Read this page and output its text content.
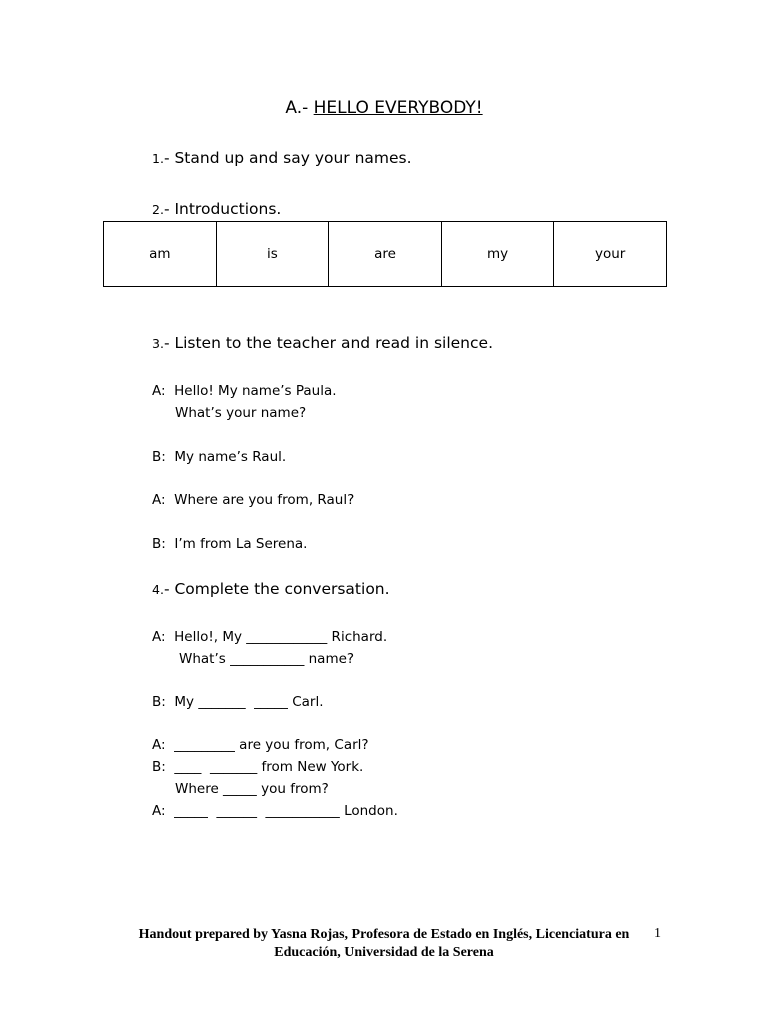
A.- HELLO EVERYBODY!
1.- Stand up and say your names.
2.- Introductions.
am	is	are	my	your
3.- Listen to the teacher and read in silence.
A:  Hello! My name’s Paula.
What’s your name?
B:  My name’s Raul.
A:  Where are you from, Raul?
B:  I’m from La Serena.
4.- Complete the conversation.
A:  Hello!, My ____________ Richard.
What’s ___________ name?
B:  My _______  _____ Carl.
A:  _________ are you from, Carl?
B:  ____  _______ from New York.
Where _____ you from?
A:  _____  ______  ___________ London.
Handout prepared by Yasna Rojas, Profesora de Estado en Inglés, Licenciatura en
Educación, Universidad de la Serena
1
